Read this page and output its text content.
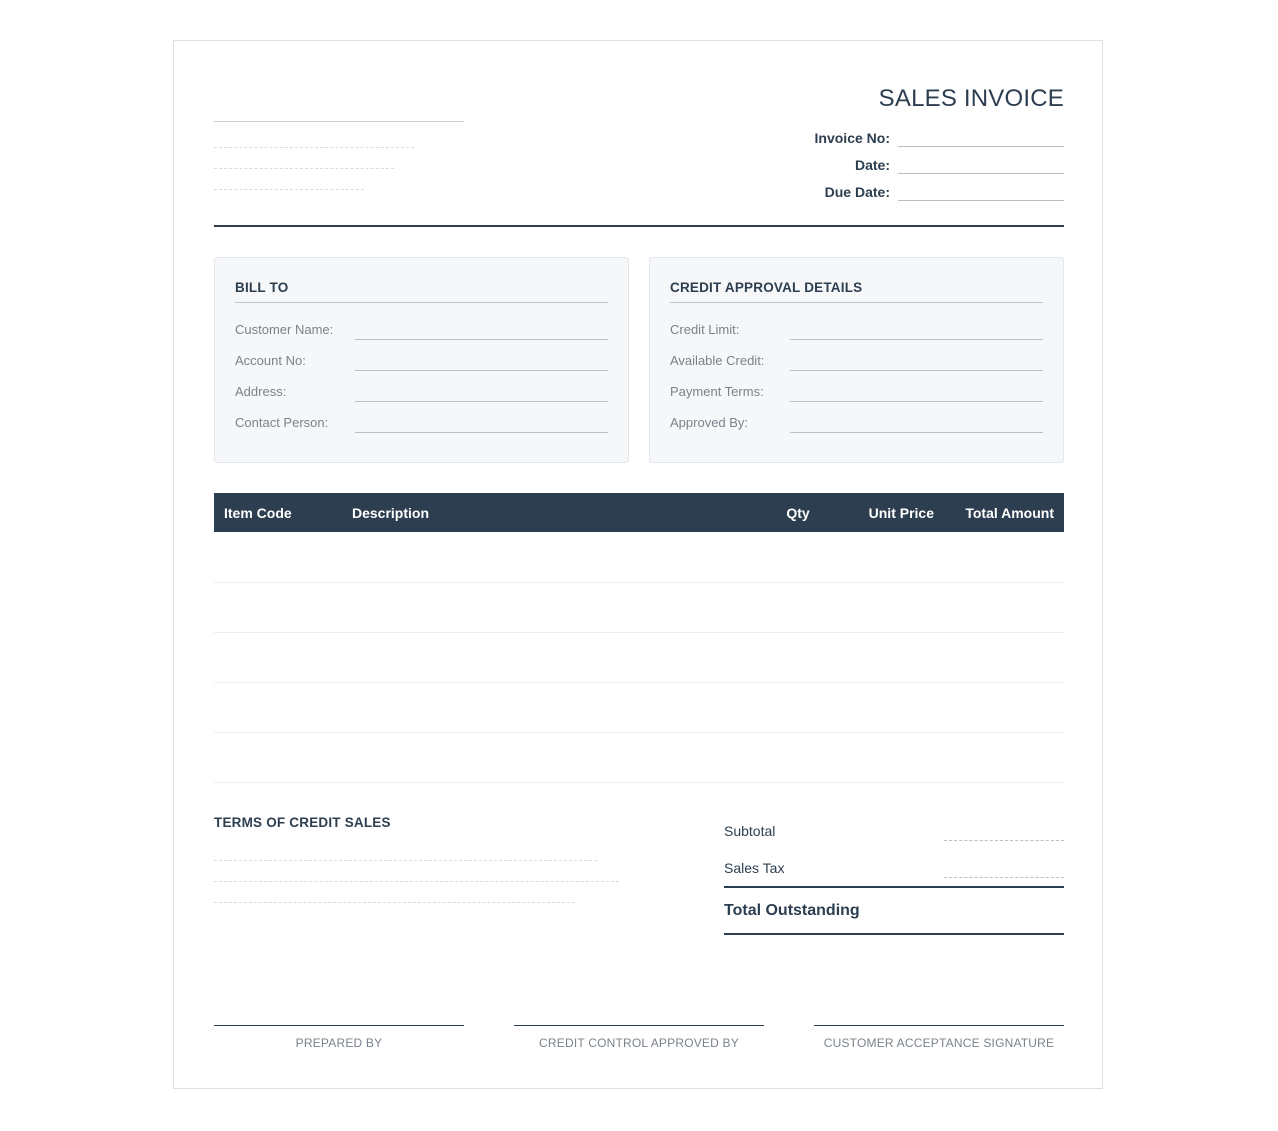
SALES INVOICE
Invoice No:
Date:
Due Date:
BILL TO
Customer Name:
Account No:
Address:
Contact Person:
CREDIT APPROVAL DETAILS
Credit Limit:
Available Credit:
Payment Terms:
Approved By:
Item Code	Description	Qty	Unit Price	Total Amount

TERMS OF CREDIT SALES
Subtotal
Sales Tax
Total Outstanding
PREPARED BY	CREDIT CONTROL APPROVED BY	CUSTOMER ACCEPTANCE SIGNATURE
